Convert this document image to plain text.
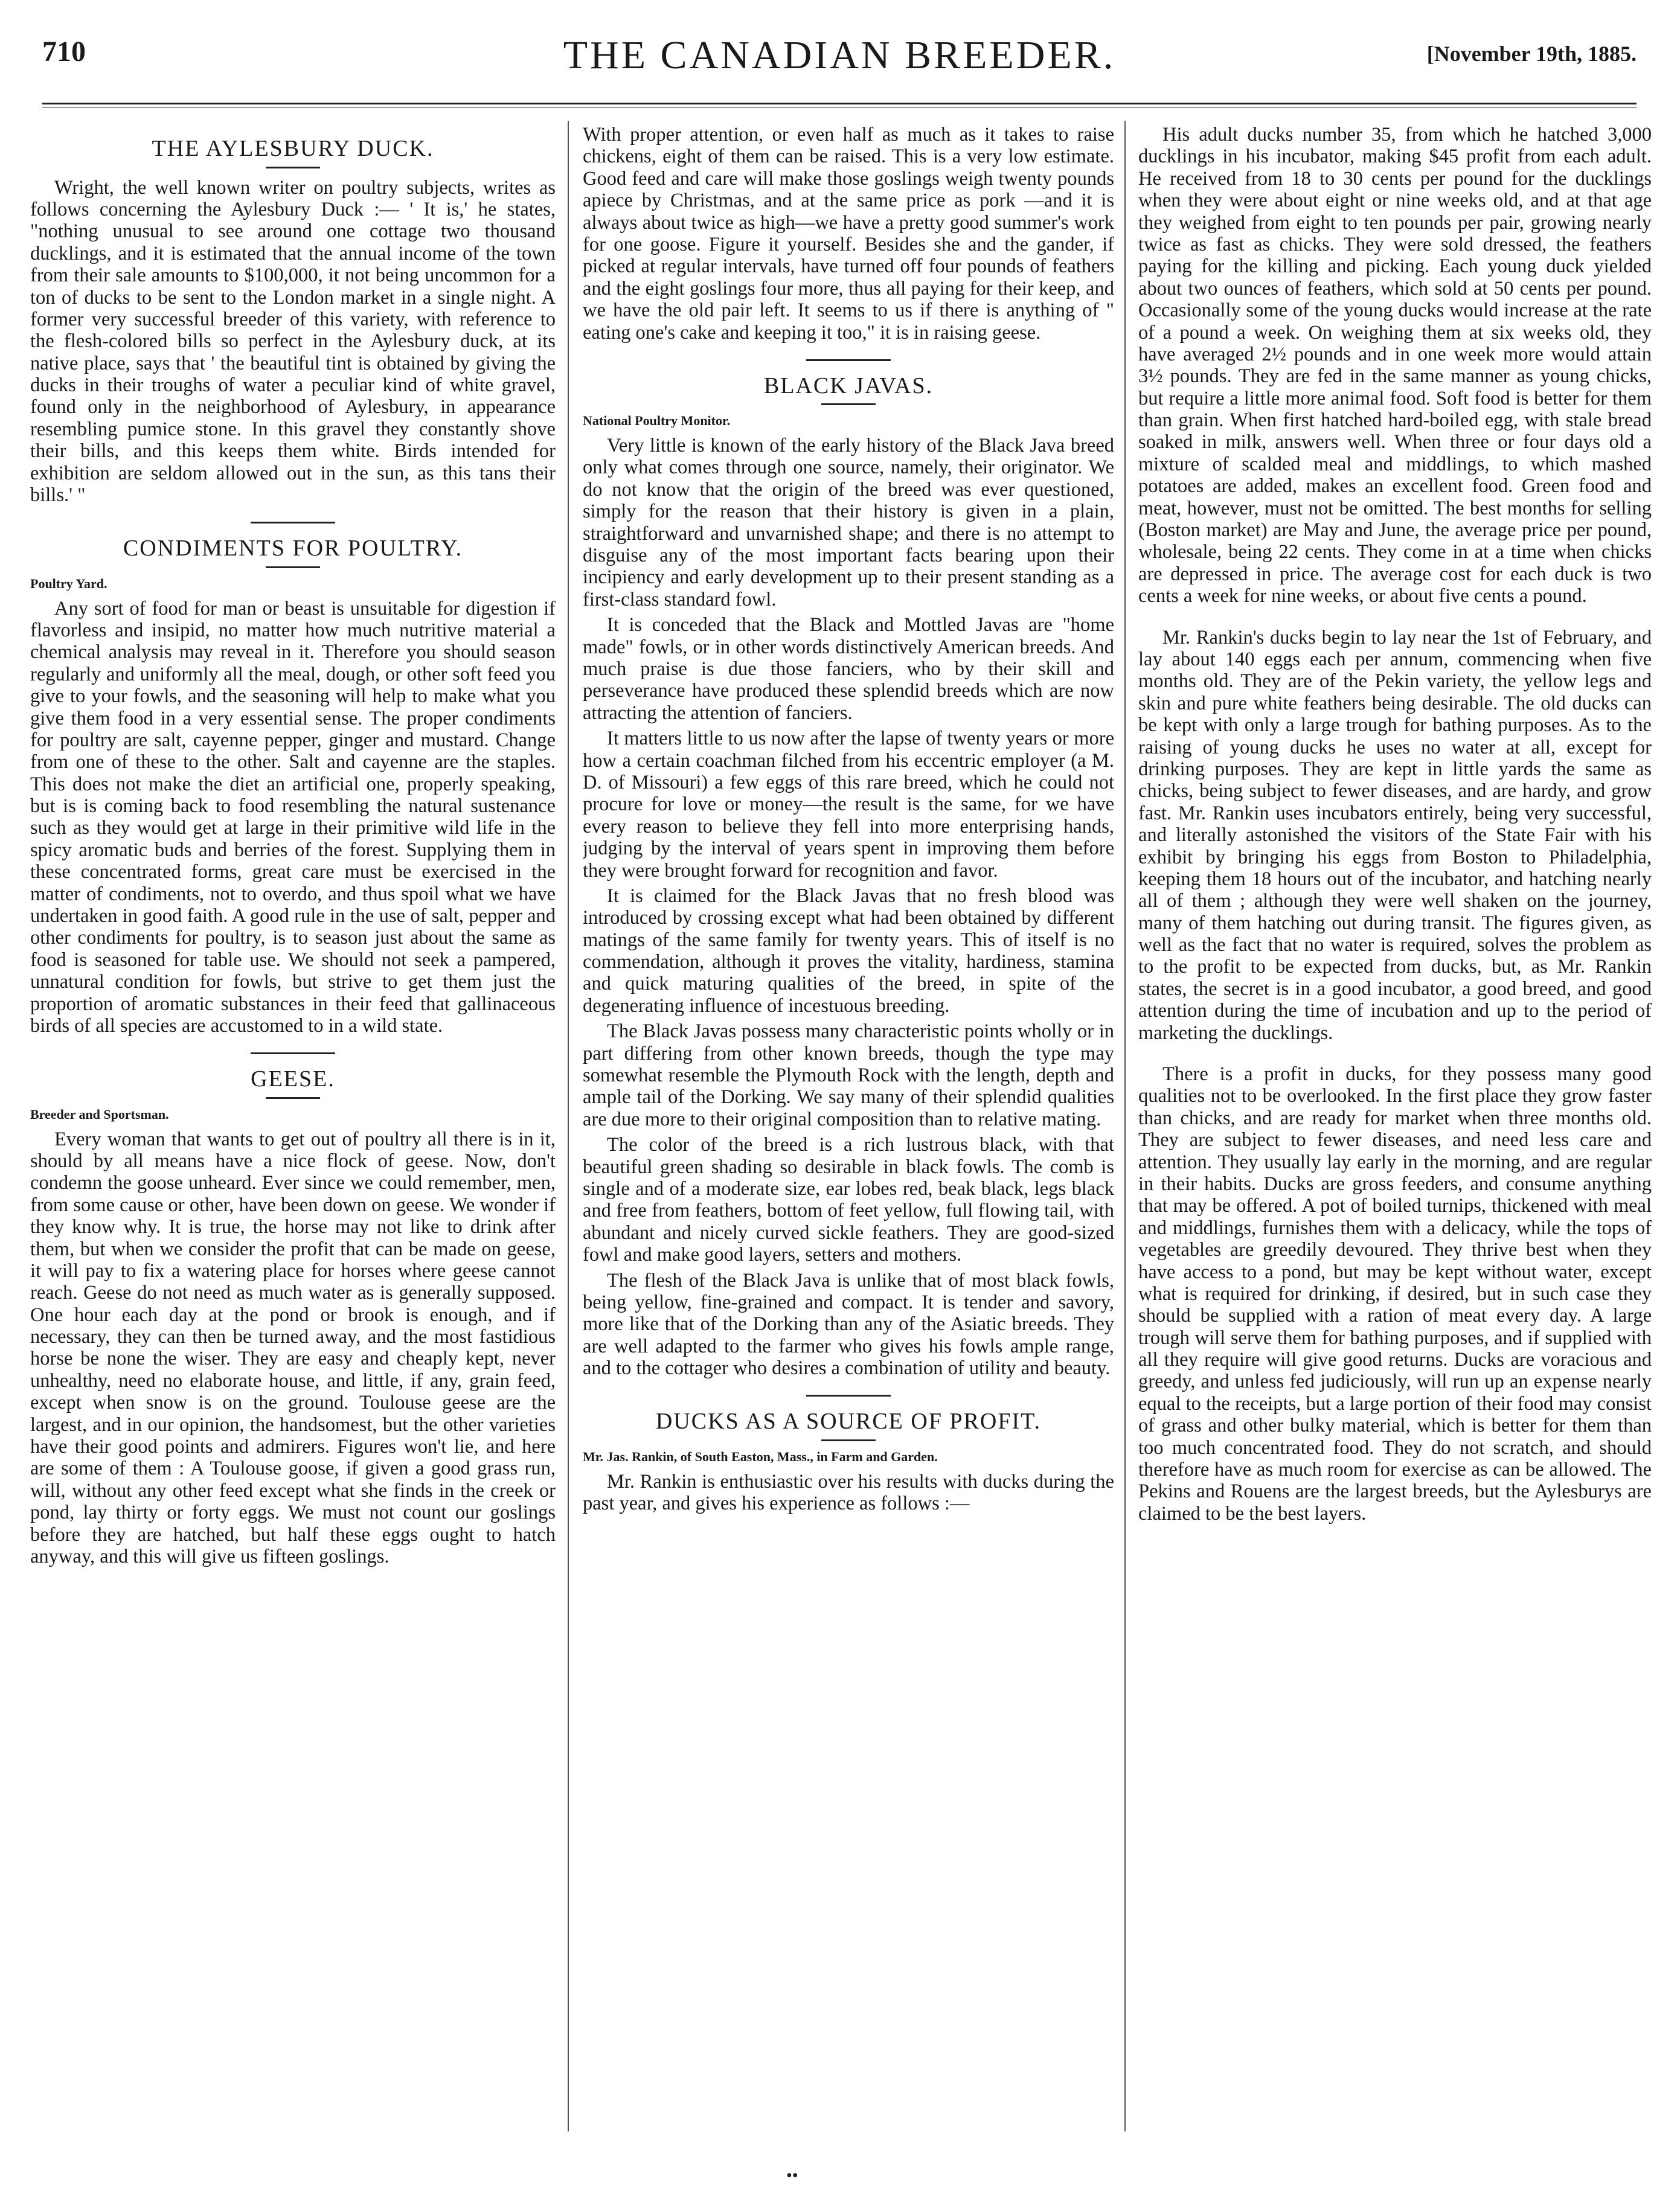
710	THE CANADIAN BREEDER.	[November 19th, 1885.
THE AYLESBURY DUCK.

Wright, the well known writer on poultry subjects, writes as follows concerning the Aylesbury Duck :— ' It is,' he states, "nothing unusual to see around one cottage two thousand ducklings, and it is estimated that the annual income of the town from their sale amounts to $100,000, it not being uncommon for a ton of ducks to be sent to the London market in a single night. A former very successful breeder of this variety, with reference to the flesh-colored bills so perfect in the Aylesbury duck, at its native place, says that ' the beautiful tint is obtained by giving the ducks in their troughs of water a peculiar kind of white gravel, found only in the neighborhood of Aylesbury, in appearance resembling pumice stone. In this gravel they constantly shove their bills, and this keeps them white. Birds intended for exhibition are seldom allowed out in the sun, as this tans their bills.' "

CONDIMENTS FOR POULTRY.

Poultry Yard.

Any sort of food for man or beast is unsuitable for digestion if flavorless and insipid, no matter how much nutritive material a chemical analysis may reveal in it. Therefore you should season regularly and uniformly all the meal, dough, or other soft feed you give to your fowls, and the seasoning will help to make what you give them food in a very essential sense. The proper condiments for poultry are salt, cayenne pepper, ginger and mustard. Change from one of these to the other. Salt and cayenne are the staples. This does not make the diet an artificial one, properly speaking, but is is coming back to food resembling the natural sustenance such as they would get at large in their primitive wild life in the spicy aromatic buds and berries of the forest. Supplying them in these concentrated forms, great care must be exercised in the matter of condiments, not to overdo, and thus spoil what we have undertaken in good faith. A good rule in the use of salt, pepper and other condiments for poultry, is to season just about the same as food is seasoned for table use. We should not seek a pampered, unnatural condition for fowls, but strive to get them just the proportion of aromatic substances in their feed that gallinaceous birds of all species are accustomed to in a wild state.

GEESE.

Breeder and Sportsman.

Every woman that wants to get out of poultry all there is in it, should by all means have a nice flock of geese. Now, don't condemn the goose unheard. Ever since we could remember, men, from some cause or other, have been down on geese. We wonder if they know why. It is true, the horse may not like to drink after them, but when we consider the profit that can be made on geese, it will pay to fix a watering place for horses where geese cannot reach. Geese do not need as much water as is generally supposed. One hour each day at the pond or brook is enough, and if necessary, they can then be turned away, and the most fastidious horse be none the wiser. They are easy and cheaply kept, never unhealthy, need no elaborate house, and little, if any, grain feed, except when snow is on the ground. Toulouse geese are the largest, and in our opinion, the handsomest, but the other varieties have their good points and admirers. Figures won't lie, and here are some of them : A Toulouse goose, if given a good grass run, will, without any other feed except what she finds in the creek or pond, lay thirty or forty eggs. We must not count our goslings before they are hatched, but half these eggs ought to hatch anyway, and this will give us fifteen goslings.

With proper attention, or even half as much as it takes to raise chickens, eight of them can be raised. This is a very low estimate. Good feed and care will make those goslings weigh twenty pounds apiece by Christmas, and at the same price as pork —and it is always about twice as high—we have a pretty good summer's work for one goose. Figure it yourself. Besides she and the gander, if picked at regular intervals, have turned off four pounds of feathers and the eight goslings four more, thus all paying for their keep, and we have the old pair left. It seems to us if there is anything of " eating one's cake and keeping it too," it is in raising geese.

BLACK JAVAS.

National Poultry Monitor.

Very little is known of the early history of the Black Java breed only what comes through one source, namely, their originator. We do not know that the origin of the breed was ever questioned, simply for the reason that their history is given in a plain, straightforward and unvarnished shape; and there is no attempt to disguise any of the most important facts bearing upon their incipiency and early development up to their present standing as a first-class standard fowl.

It is conceded that the Black and Mottled Javas are "home made" fowls, or in other words distinctively American breeds. And much praise is due those fanciers, who by their skill and perseverance have produced these splendid breeds which are now attracting the attention of fanciers.

It matters little to us now after the lapse of twenty years or more how a certain coachman filched from his eccentric employer (a M. D. of Missouri) a few eggs of this rare breed, which he could not procure for love or money—the result is the same, for we have every reason to believe they fell into more enterprising hands, judging by the interval of years spent in improving them before they were brought forward for recognition and favor.

It is claimed for the Black Javas that no fresh blood was introduced by crossing except what had been obtained by different matings of the same family for twenty years. This of itself is no commendation, although it proves the vitality, hardiness, stamina and quick maturing qualities of the breed, in spite of the degenerating influence of incestuous breeding.

The Black Javas possess many characteristic points wholly or in part differing from other known breeds, though the type may somewhat resemble the Plymouth Rock with the length, depth and ample tail of the Dorking. We say many of their splendid qualities are due more to their original composition than to relative mating.

The color of the breed is a rich lustrous black, with that beautiful green shading so desirable in black fowls. The comb is single and of a moderate size, ear lobes red, beak black, legs black and free from feathers, bottom of feet yellow, full flowing tail, with abundant and nicely curved sickle feathers. They are good-sized fowl and make good layers, setters and mothers.

The flesh of the Black Java is unlike that of most black fowls, being yellow, fine-grained and compact. It is tender and savory, more like that of the Dorking than any of the Asiatic breeds. They are well adapted to the farmer who gives his fowls ample range, and to the cottager who desires a combination of utility and beauty.

DUCKS AS A SOURCE OF PROFIT.

Mr. Jas. Rankin, of South Easton, Mass., in Farm and Garden.

Mr. Rankin is enthusiastic over his results with ducks during the past year, and gives his experience as follows :—

His adult ducks number 35, from which he hatched 3,000 ducklings in his incubator, making $45 profit from each adult. He received from 18 to 30 cents per pound for the ducklings when they were about eight or nine weeks old, and at that age they weighed from eight to ten pounds per pair, growing nearly twice as fast as chicks. They were sold dressed, the feathers paying for the killing and picking. Each young duck yielded about two ounces of feathers, which sold at 50 cents per pound. Occasionally some of the young ducks would increase at the rate of a pound a week. On weighing them at six weeks old, they have averaged 2½ pounds and in one week more would attain 3½ pounds. They are fed in the same manner as young chicks, but require a little more animal food. Soft food is better for them than grain. When first hatched hard-boiled egg, with stale bread soaked in milk, answers well. When three or four days old a mixture of scalded meal and middlings, to which mashed potatoes are added, makes an excellent food. Green food and meat, however, must not be omitted. The best months for selling (Boston market) are May and June, the average price per pound, wholesale, being 22 cents. They come in at a time when chicks are depressed in price. The average cost for each duck is two cents a week for nine weeks, or about five cents a pound.

Mr. Rankin's ducks begin to lay near the 1st of February, and lay about 140 eggs each per annum, commencing when five months old. They are of the Pekin variety, the yellow legs and skin and pure white feathers being desirable. The old ducks can be kept with only a large trough for bathing purposes. As to the raising of young ducks he uses no water at all, except for drinking purposes. They are kept in little yards the same as chicks, being subject to fewer diseases, and are hardy, and grow fast. Mr. Rankin uses incubators entirely, being very successful, and literally astonished the visitors of the State Fair with his exhibit by bringing his eggs from Boston to Philadelphia, keeping them 18 hours out of the incubator, and hatching nearly all of them ; although they were well shaken on the journey, many of them hatching out during transit. The figures given, as well as the fact that no water is required, solves the problem as to the profit to be expected from ducks, but, as Mr. Rankin states, the secret is in a good incubator, a good breed, and good attention during the time of incubation and up to the period of marketing the ducklings.

There is a profit in ducks, for they possess many good qualities not to be overlooked. In the first place they grow faster than chicks, and are ready for market when three months old. They are subject to fewer diseases, and need less care and attention. They usually lay early in the morning, and are regular in their habits. Ducks are gross feeders, and consume anything that may be offered. A pot of boiled turnips, thickened with meal and middlings, furnishes them with a delicacy, while the tops of vegetables are greedily devoured. They thrive best when they have access to a pond, but may be kept without water, except what is required for drinking, if desired, but in such case they should be supplied with a ration of meat every day. A large trough will serve them for bathing purposes, and if supplied with all they require will give good returns. Ducks are voracious and greedy, and unless fed judiciously, will run up an expense nearly equal to the receipts, but a large portion of their food may consist of grass and other bulky material, which is better for them than too much concentrated food. They do not scratch, and should therefore have as much room for exercise as can be allowed. The Pekins and Rouens are the largest breeds, but the Aylesburys are claimed to be the best layers.

••
